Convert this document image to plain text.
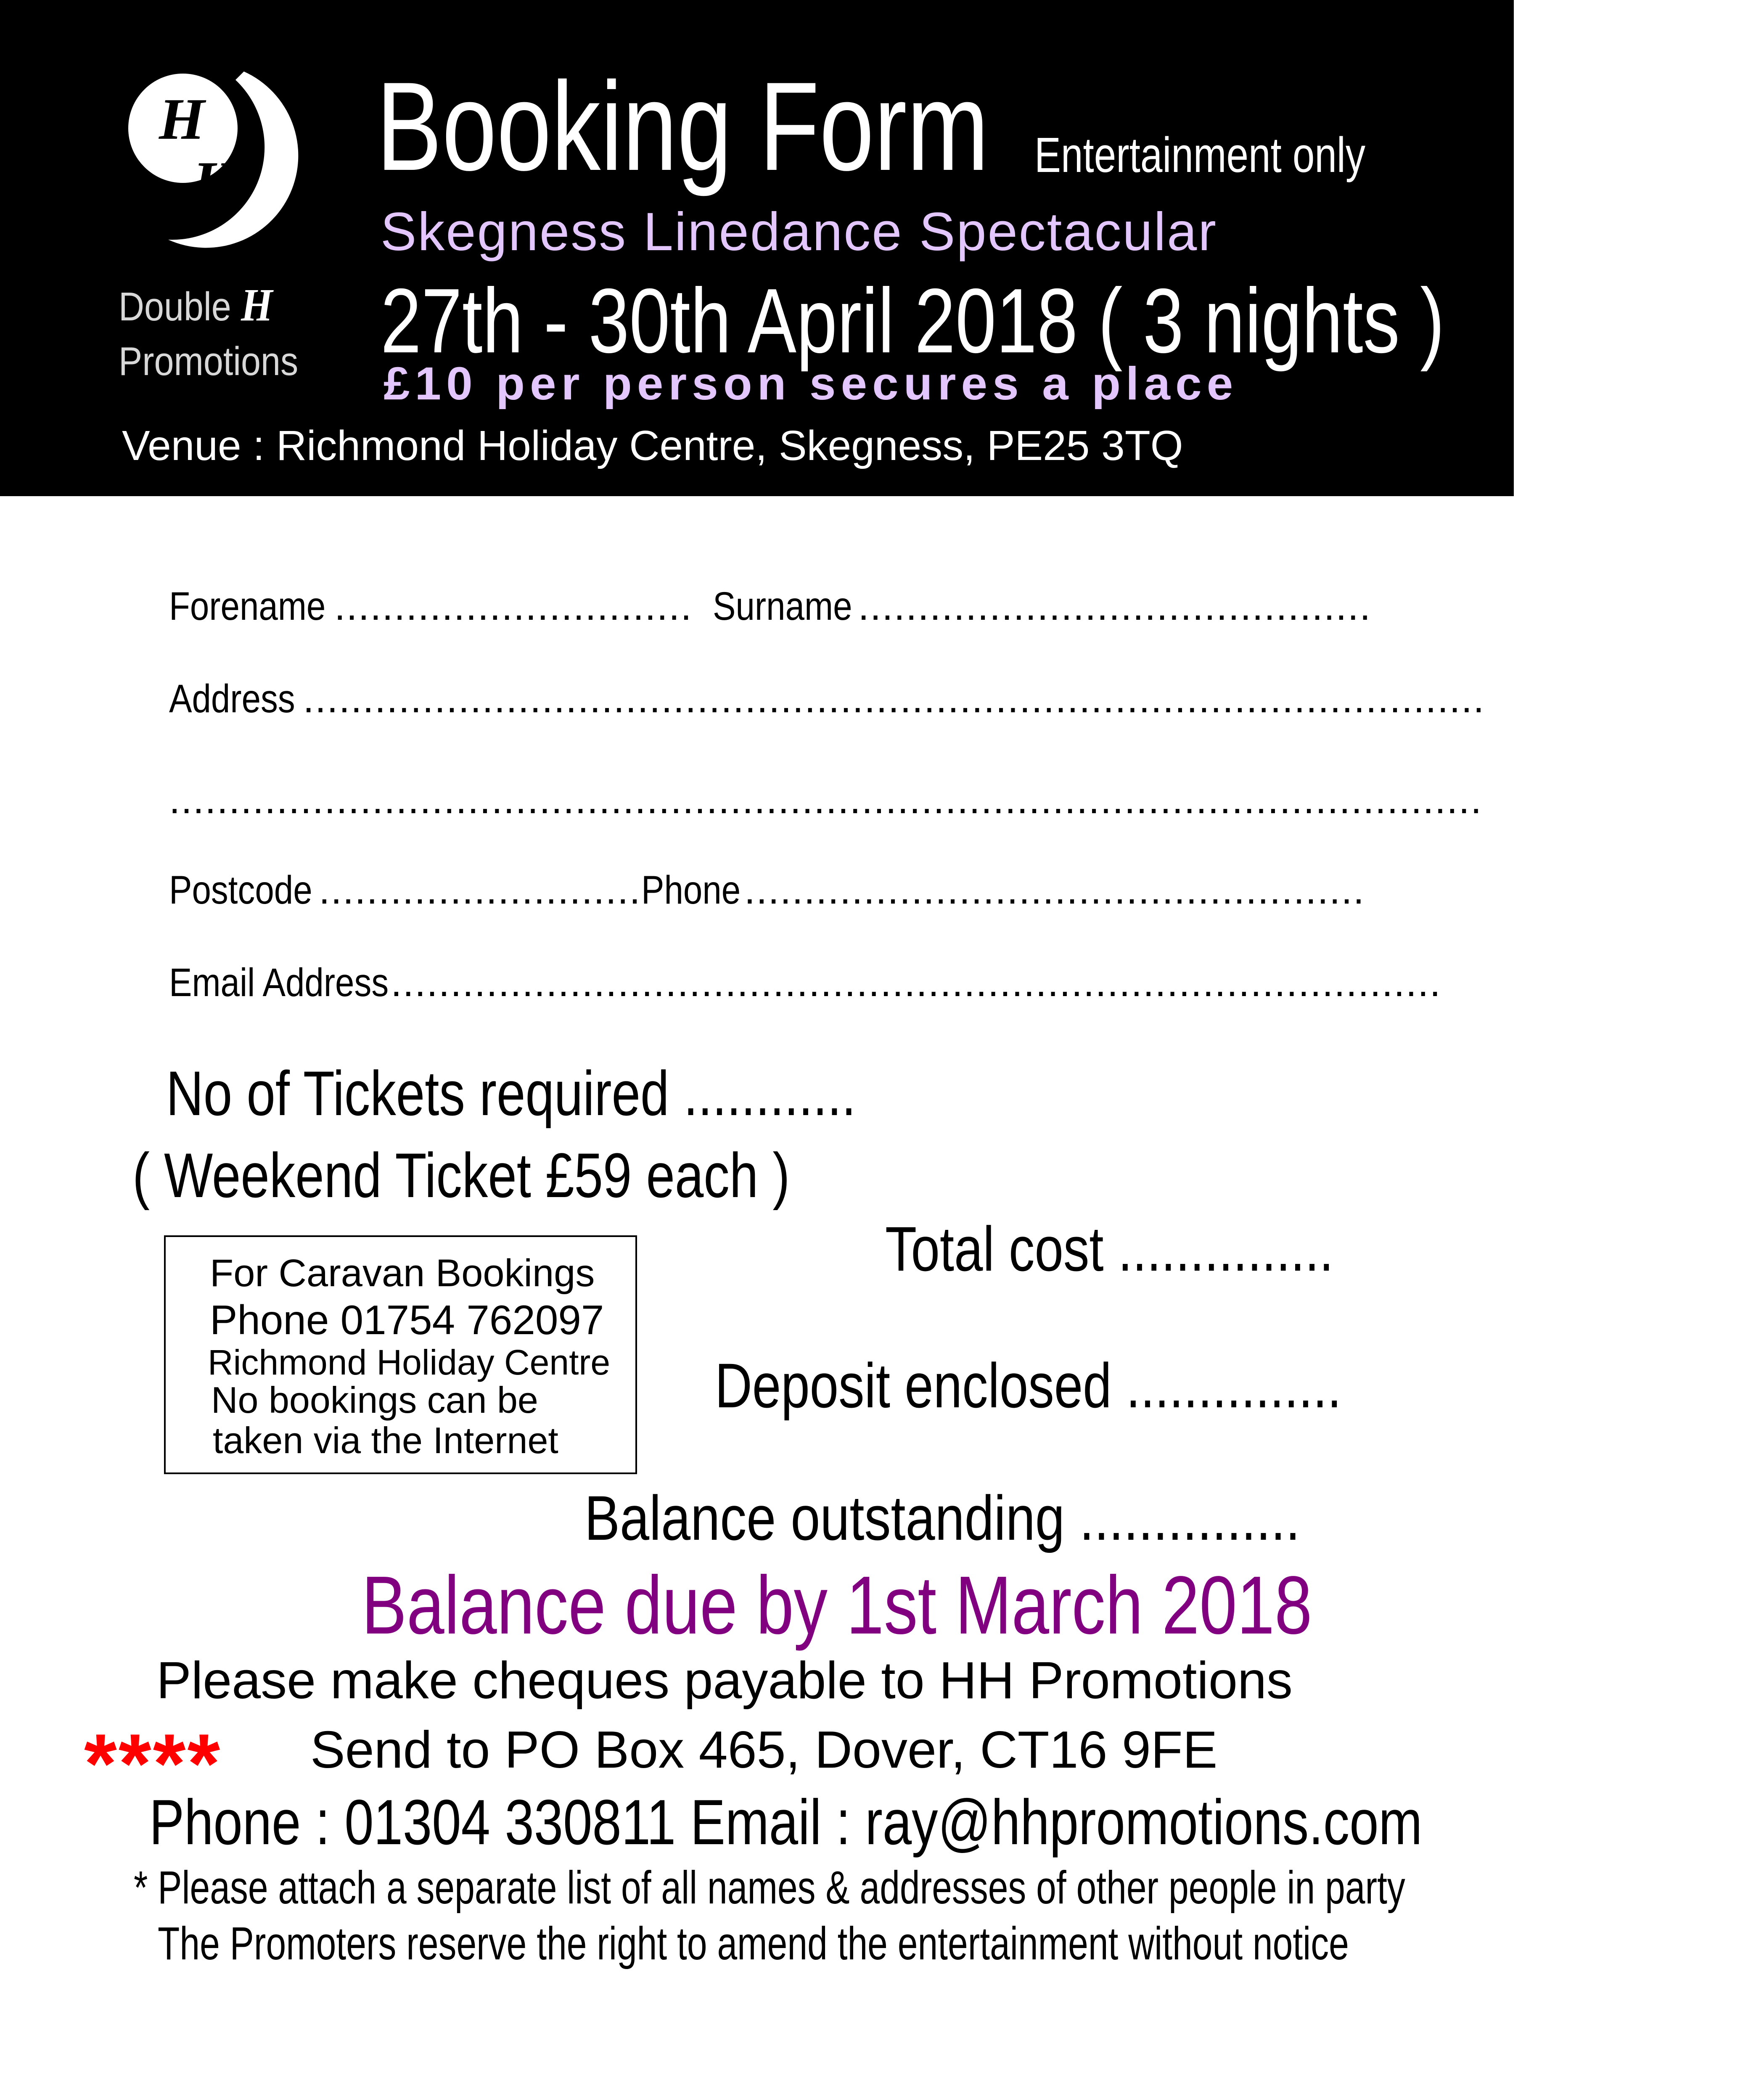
H
H
Double H
Promotions
Booking Form Entertainment only
Skegness Linedance Spectacular
27th - 30th April 2018 ( 3 nights )
£10 per person secures a place
Venue : Richmond Holiday Centre, Skegness, PE25 3TQ
Forename .............................. Surname ...........................................
Address ...................................................................................................
..............................................................................................................
Postcode ........................... Phone....................................................
Email Address........................................................................................
No of Tickets required ............
( Weekend Ticket £59 each )
Total cost ...............
Deposit enclosed ...............
Balance outstanding ...............
For Caravan Bookings
Phone 01754 762097
Richmond Holiday Centre
No bookings can be
taken via the Internet
Balance due by 1st March 2018
Please make cheques payable to HH Promotions
**** Send to PO Box 465, Dover, CT16 9FE
Phone : 01304 330811 Email : ray@hhpromotions.com
* Please attach a separate list of all names & addresses of other people in party
The Promoters reserve the right to amend the entertainment without notice
